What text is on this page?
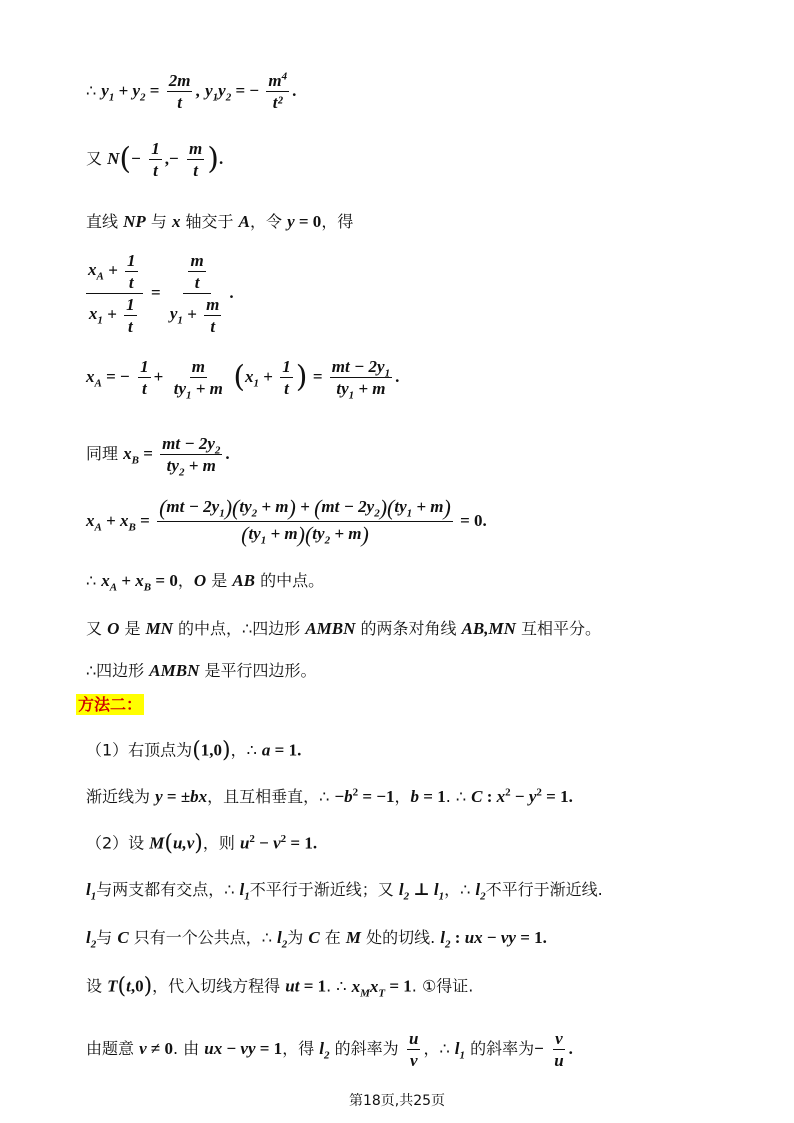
∴ $y_1 + y_2 = \frac{2m}{t}$ , $y_1y_2$ = − $\frac{m^4}{\text{t²}}$ .
又 $N(- \frac{1}{t}$ ,− $\frac{m}{t}$ ).
直线 NP 与 x 轴交于 A，令 y = 0，得
$\frac{x_A + \frac{1}{t}}{x_1 + \frac{1}{t}} = \frac{\frac{m}{t}}{y_1 + \frac{m}{t}}$ .
$x_A$ = − $\frac{1}{t} + \frac{m}{ty_1 + m} (x_1 + \frac{1}{t}$ ) = $\frac{mt - 2y_1}{ty_1 + m}$ .
同理 $x_B = \frac{mt - 2y_2}{ty_2 + m}$ .
$x_A + x_B = \frac{(mt - 2y_1)(ty_2 + m) + (mt - 2y_2)(ty_1 + m)}{(ty_1 + m)(ty_2 + m)} = 0$.
∴ $x_A + x_B = 0$，O 是 AB 的中点。
又 O 是 MN 的中点，∴四边形 AMBN 的两条对角线 AB,MN 互相平分。
∴四边形 AMBN 是平行四边形。
方法二：
（1）右顶点为(1,0)，∴ a = 1.
渐近线为 y = ±bx，且互相垂直，∴ $-b^2 = -1$，b = 1. ∴ C : $x^2 - y^2 = 1$.
（2）设 M(u,v)，则 $u^2 - v^2 = 1$.
$l_1$与两支都有交点，∴ $l_1$不平行于渐近线；又 $l_2$ ⊥ $l_1$，∴ $l_2$不平行于渐近线.
$l_2$与 C 只有一个公共点，∴ $l_2$为 C 在 M 处的切线. $l_2$ : ux − vy = 1.
设 T(t,0)，代入切线方程得 ut = 1. ∴ $x_Mx_T = 1$. ①得证.
由题意 v ≠ 0. 由 ux − vy = 1，得 $l_2$ 的斜率为 $\frac{u}{v}$ ，∴ $l_1$ 的斜率为− $\frac{v}{u}$ .
第18页,共25页
